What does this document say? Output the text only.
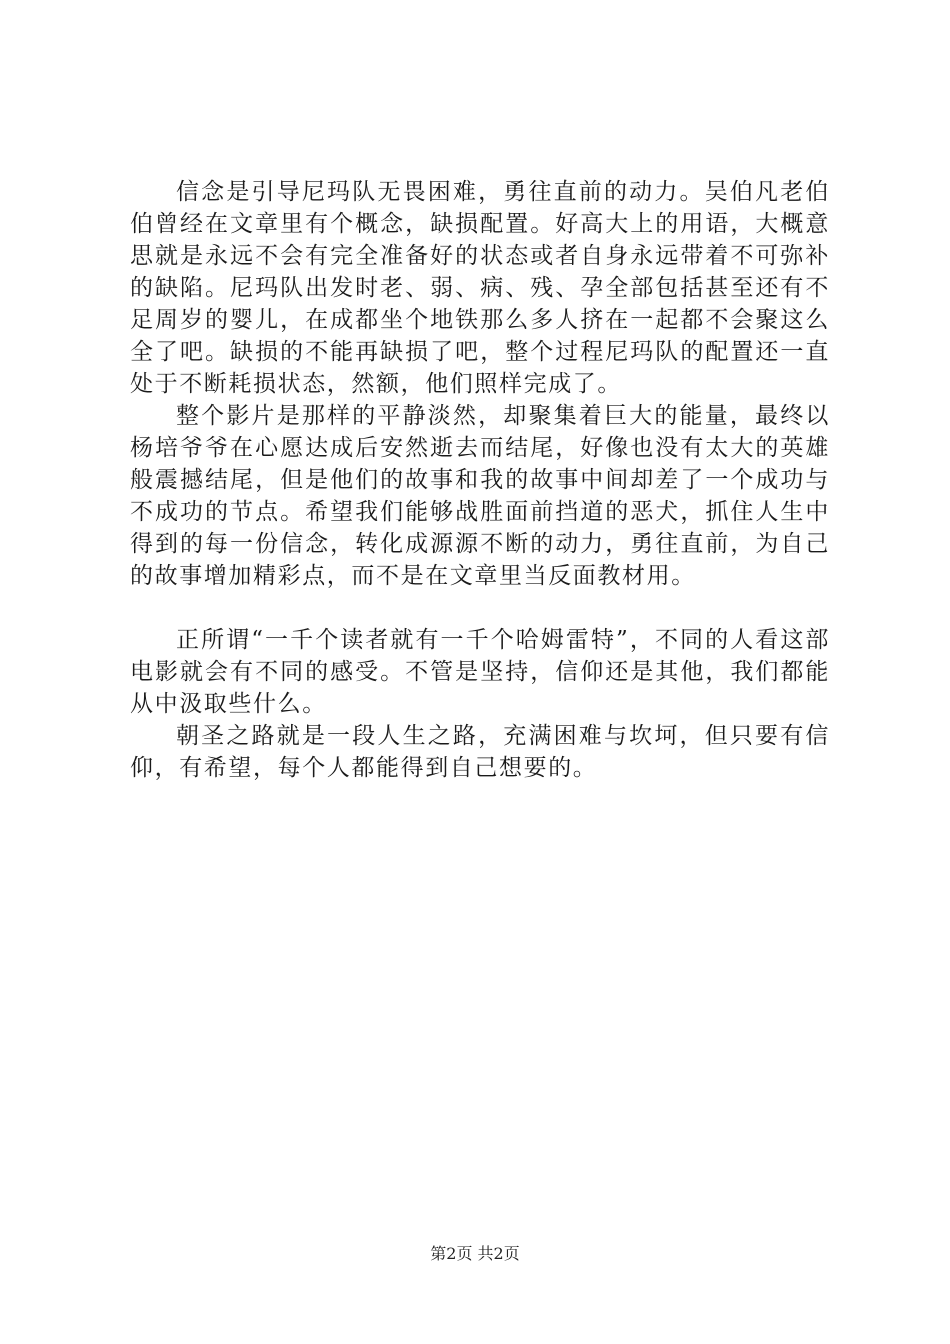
信念是引导尼玛队无畏困难，勇往直前的动力。吴伯凡老伯伯曾经在文章里有个概念，缺损配置。好高大上的用语，大概意思就是永远不会有完全准备好的状态或者自身永远带着不可弥补的缺陷。尼玛队出发时老、弱、病、残、孕全部包括甚至还有不足周岁的婴儿，在成都坐个地铁那么多人挤在一起都不会聚这么全了吧。缺损的不能再缺损了吧，整个过程尼玛队的配置还一直处于不断耗损状态，然额，他们照样完成了。

整个影片是那样的平静淡然，却聚集着巨大的能量，最终以杨培爷爷在心愿达成后安然逝去而结尾，好像也没有太大的英雄般震撼结尾，但是他们的故事和我的故事中间却差了一个成功与不成功的节点。希望我们能够战胜面前挡道的恶犬，抓住人生中得到的每一份信念，转化成源源不断的动力，勇往直前，为自己的故事增加精彩点，而不是在文章里当反面教材用。

正所谓“一千个读者就有一千个哈姆雷特”，不同的人看这部电影就会有不同的感受。不管是坚持，信仰还是其他，我们都能从中汲取些什么。

朝圣之路就是一段人生之路，充满困难与坎坷，但只要有信仰，有希望，每个人都能得到自己想要的。

第2页 共2页
